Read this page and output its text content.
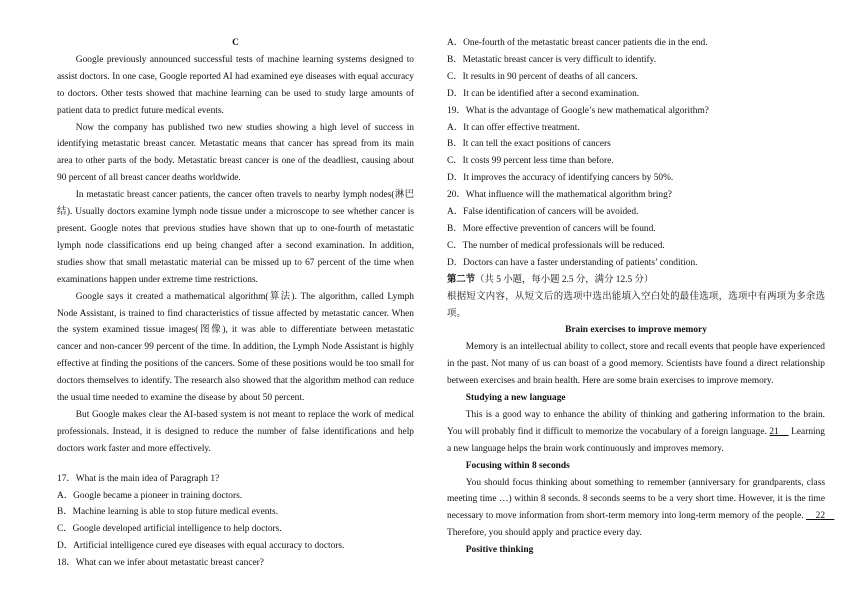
C

Google previously announced successful tests of machine learning systems designed to assist doctors. In one case, Google reported AI had examined eye diseases with equal accuracy to doctors. Other tests showed that machine learning can be used to study large amounts of patient data to predict future medical events.

Now the company has published two new studies showing a high level of success in identifying metastatic breast cancer. Metastatic means that cancer has spread from its main area to other parts of the body. Metastatic breast cancer is one of the deadliest, causing about 90 percent of all breast cancer deaths worldwide.

In metastatic breast cancer patients, the cancer often travels to nearby lymph nodes(淋巴结). Usually doctors examine lymph node tissue under a microscope to see whether cancer is present. Google notes that previous studies have shown that up to one-fourth of metastatic lymph node classifications end up being changed after a second examination. In addition, studies show that small metastatic material can be missed up to 67 percent of the time when examinations happen under extreme time restrictions.

Google says it created a mathematical algorithm(算法). The algorithm, called Lymph Node Assistant, is trained to find characteristics of tissue affected by metastatic cancer. When the system examined tissue images(图像), it was able to differentiate between metastatic cancer and non-cancer 99 percent of the time. In addition, the Lymph Node Assistant is highly effective at finding the positions of the cancers. Some of these positions would be too small for doctors themselves to identify. The research also showed that the algorithm method can reduce the usual time needed to examine the disease by about 50 percent.

But Google makes clear the AI-based system is not meant to replace the work of medical professionals. Instead, it is designed to reduce the number of false identifications and help doctors work faster and more effectively.

17．What is the main idea of Paragraph 1?

A．Google became a pioneer in training doctors.

B．Machine learning is able to stop future medical events.

C．Google developed artificial intelligence to help doctors.

D．Artificial intelligence cured eye diseases with equal accuracy to doctors.

18．What can we infer about metastatic breast cancer?

A．One-fourth of the metastatic breast cancer patients die in the end.

B．Metastatic breast cancer is very difficult to identify.

C．It results in 90 percent of deaths of all cancers.

D．It can be identified after a second examination.

19．What is the advantage of Google’s new mathematical algorithm?

A．It can offer effective treatment.

B．It can tell the exact positions of cancers

C．It costs 99 percent less time than before.

D．It improves the accuracy of identifying cancers by 50%.

20．What influence will the mathematical algorithm bring?

A．False identification of cancers will be avoided.

B．More effective prevention of cancers will be found.

C．The number of medical professionals will be reduced.

D．Doctors can have a faster understanding of patients’ condition.

第二节（共 5 小题，每小题 2.5 分，满分 12.5 分）

根据短文内容，从短文后的选项中选出能填入空白处的最佳选项，选项中有两项为多余选项。

Brain exercises to improve memory

Memory is an intellectual ability to collect, store and recall events that people have experienced in the past. Not many of us can boast of a good memory. Scientists have found a direct relationship between exercises and brain health. Here are some brain exercises to improve memory.

Studying a new language

This is a good way to enhance the ability of thinking and gathering information to the brain. You will probably find it difficult to memorize the vocabulary of a foreign language. 21　 Learning a new language helps the brain work continuously and improves memory.

Focusing within 8 seconds

You should focus thinking about something to remember (anniversary for grandparents, class meeting time …) within 8 seconds. 8 seconds seems to be a very short time. However, it is the time necessary to move information from short-term memory into long-term memory of the people. 　22　 Therefore, you should apply and practice every day.

Positive thinking
